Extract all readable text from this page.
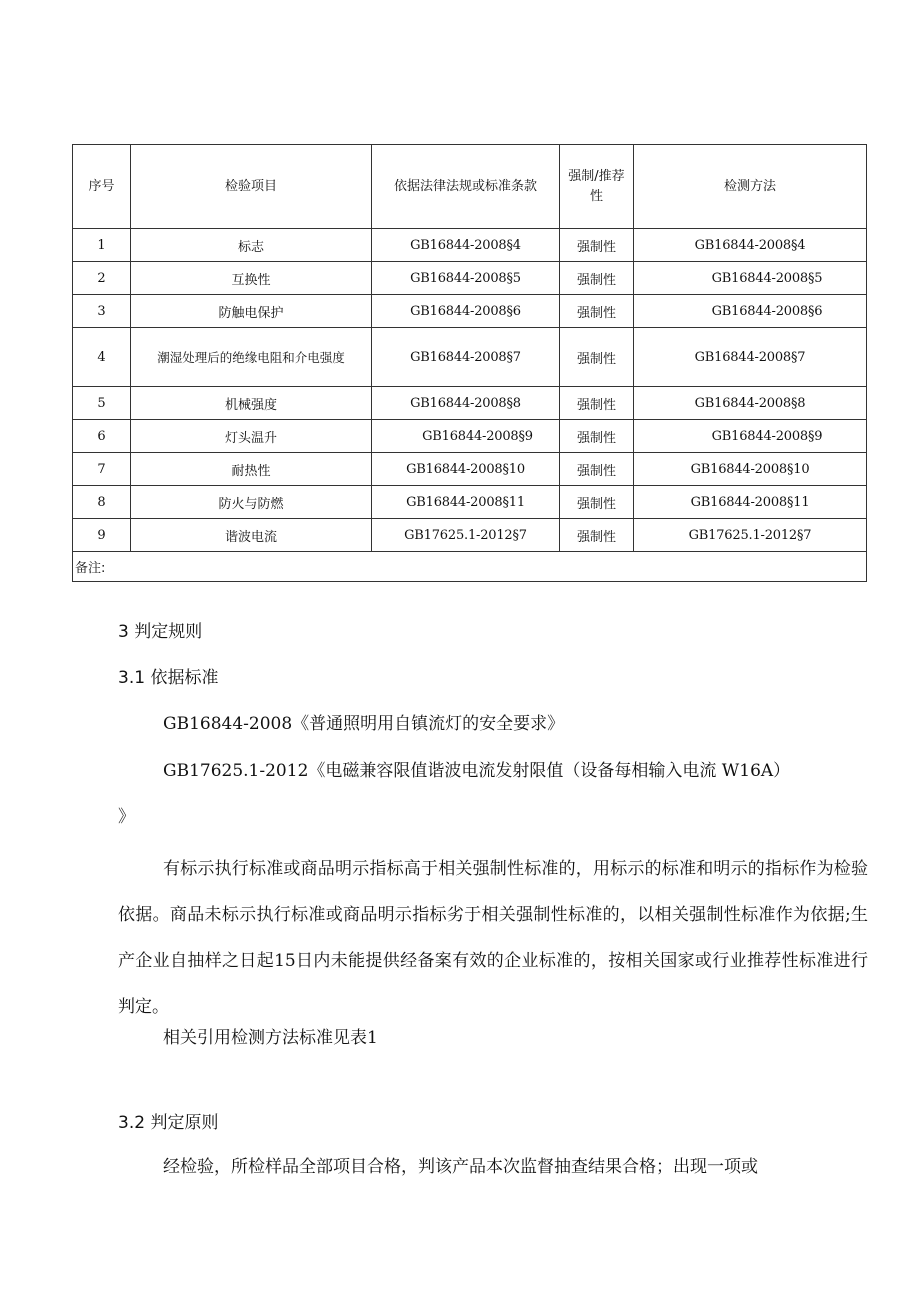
序号	检验项目	依据法律法规或标准条款	强制/推荐性	检测方法
1	标志	GB16844-2008§4	强制性	GB16844-2008§4
2	互换性	GB16844-2008§5	强制性	GB16844-2008§5
3	防触电保护	GB16844-2008§6	强制性	GB16844-2008§6
4	潮湿处理后的绝缘电阻和介电强度	GB16844-2008§7	强制性	GB16844-2008§7
5	机械强度	GB16844-2008§8	强制性	GB16844-2008§8
6	灯头温升	GB16844-2008§9	强制性	GB16844-2008§9
7	耐热性	GB16844-2008§10	强制性	GB16844-2008§10
8	防火与防燃	GB16844-2008§11	强制性	GB16844-2008§11
9	谐波电流	GB17625.1-2012§7	强制性	GB17625.1-2012§7
备注:				
3 判定规则
3.1 依据标准
GB16844-2008《普通照明用自镇流灯的安全要求》
GB17625.1-2012《电磁兼容限值谐波电流发射限值（设备每相输入电流 W16A）
》
有标示执行标准或商品明示指标高于相关强制性标准的，用标示的标准和明示的指标作为检验依据。商品未标示执行标准或商品明示指标劣于相关强制性标准的，以相关强制性标准作为依据;生产企业自抽样之日起15日内未能提供经备案有效的企业标准的，按相关国家或行业推荐性标准进行判定。
相关引用检测方法标准见表1
3.2 判定原则
经检验，所检样品全部项目合格，判该产品本次监督抽查结果合格；出现一项或
